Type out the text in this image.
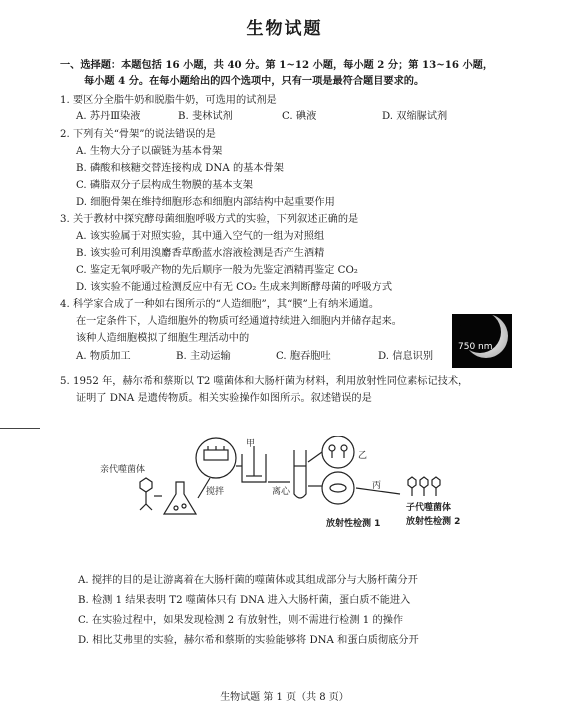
生物试题
一、选择题：本题包括 16 小题，共 40 分。第 1~12 小题，每小题 2 分；第 13~16 小题，
每小题 4 分。在每小题给出的四个选项中，只有一项是最符合题目要求的。
1. 要区分全脂牛奶和脱脂牛奶，可选用的试剂是
A. 苏丹Ⅲ染液	B. 斐林试剂	C. 碘液	D. 双缩脲试剂
2. 下列有关“骨架”的说法错误的是
A. 生物大分子以碳链为基本骨架
B. 磷酸和核糖交替连接构成 DNA 的基本骨架
C. 磷脂双分子层构成生物膜的基本支架
D. 细胞骨架在维持细胞形态和细胞内部结构中起重要作用
3. 关于教材中探究酵母菌细胞呼吸方式的实验，下列叙述正确的是
A. 该实验属于对照实验，其中通入空气的一组为对照组
B. 该实验可利用溴麝香草酚蓝水溶液检测是否产生酒精
C. 鉴定无氧呼吸产物的先后顺序一般为先鉴定酒精再鉴定 CO₂
D. 该实验不能通过检测反应中有无 CO₂ 生成来判断酵母菌的呼吸方式
4. 科学家合成了一种如右图所示的“人造细胞”，其“膜”上有纳米通道。
在一定条件下，人造细胞外的物质可经通道持续进入细胞内并储存起来。
该种人造细胞模拟了细胞生理活动中的
A. 物质加工	B. 主动运输	C. 胞吞胞吐	D. 信息识别
750 nm
5. 1952 年，赫尔希和蔡斯以 T2 噬菌体和大肠杆菌为材料，利用放射性同位素标记技术，
证明了 DNA 是遗传物质。相关实验操作如图所示。叙述错误的是
亲代噬菌体
甲
搅拌	离心
乙
丙
放射性检测 1
子代噬菌体
放射性检测 2
A. 搅拌的目的是让游离着在大肠杆菌的噬菌体或其组成部分与大肠杆菌分开
B. 检测 1 结果表明 T2 噬菌体只有 DNA 进入大肠杆菌，蛋白质不能进入
C. 在实验过程中，如果发现检测 2 有放射性，则不需进行检测 1 的操作
D. 相比艾弗里的实验，赫尔希和蔡斯的实验能够将 DNA 和蛋白质彻底分开
生物试题 第 1 页（共 8 页）
